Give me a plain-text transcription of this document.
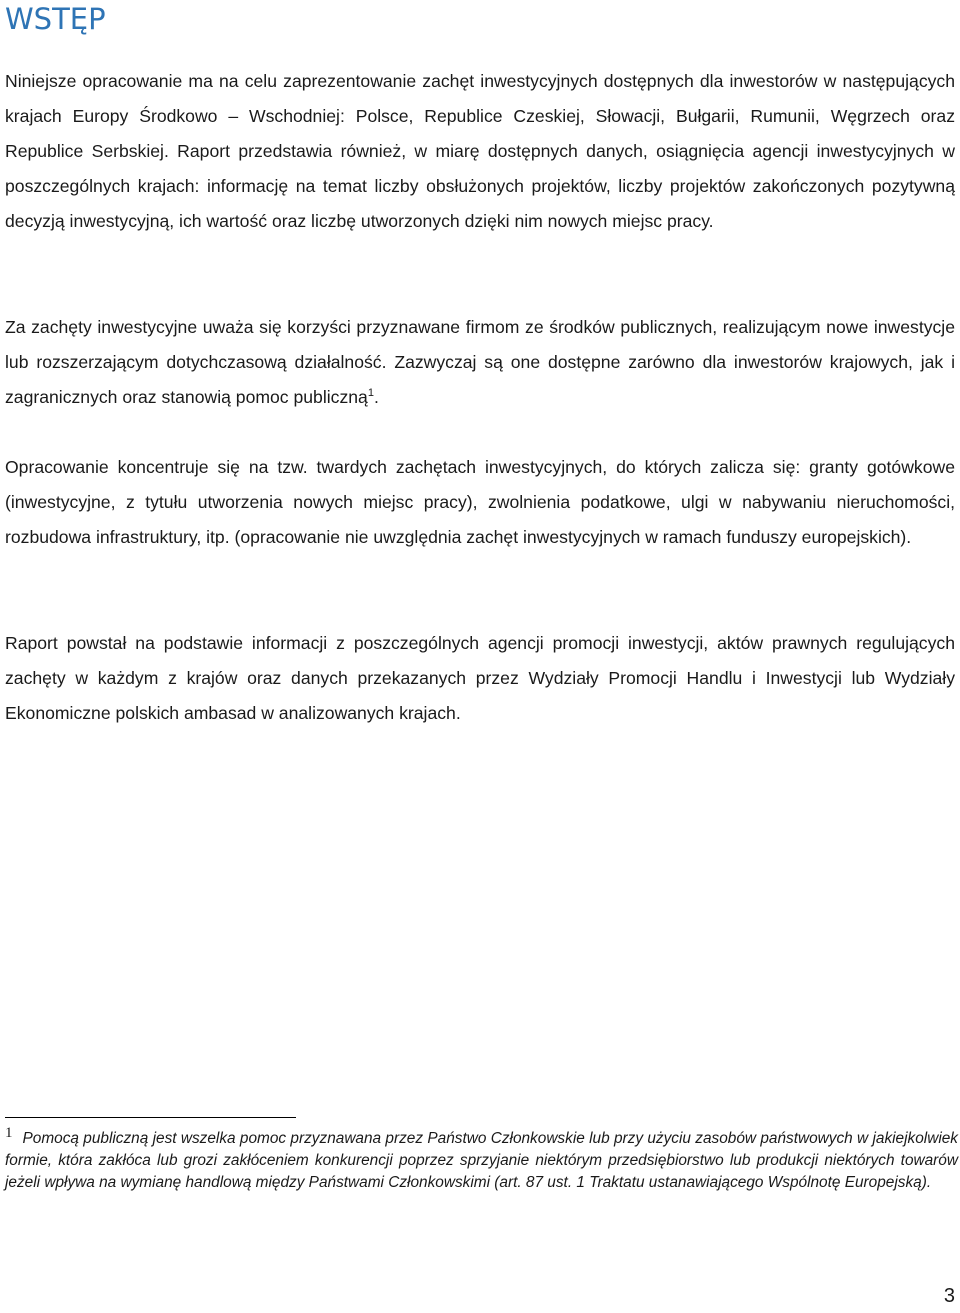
WSTĘP

Niniejsze opracowanie ma na celu zaprezentowanie zachęt inwestycyjnych dostępnych dla inwestorów w następujących krajach Europy Środkowo – Wschodniej: Polsce, Republice Czeskiej, Słowacji, Bułgarii, Rumunii, Węgrzech oraz Republice Serbskiej. Raport przedstawia również, w miarę dostępnych danych, osiągnięcia agencji inwestycyjnych w poszczególnych krajach: informację na temat liczby obsłużonych projektów, liczby projektów zakończonych pozytywną decyzją inwestycyjną, ich wartość oraz liczbę utworzonych dzięki nim nowych miejsc pracy.

Za zachęty inwestycyjne uważa się korzyści przyznawane firmom ze środków publicznych, realizującym nowe inwestycje lub rozszerzającym dotychczasową działalność. Zazwyczaj są one dostępne zarówno dla inwestorów krajowych, jak i zagranicznych oraz stanowią pomoc publiczną$^1$.

Opracowanie koncentruje się na tzw. twardych zachętach inwestycyjnych, do których zalicza się: granty gotówkowe (inwestycyjne, z tytułu utworzenia nowych miejsc pracy), zwolnienia podatkowe, ulgi w nabywaniu nieruchomości, rozbudowa infrastruktury, itp. (opracowanie nie uwzględnia zachęt inwestycyjnych w ramach funduszy europejskich).

Raport powstał na podstawie informacji z poszczególnych agencji promocji inwestycji, aktów prawnych regulujących zachęty w każdym z krajów oraz danych przekazanych przez Wydziały Promocji Handlu i Inwestycji lub Wydziały Ekonomiczne polskich ambasad w analizowanych krajach.

1 Pomocą publiczną jest wszelka pomoc przyznawana przez Państwo Członkowskie lub przy użyciu zasobów państwowych w jakiejkolwiek formie, która zakłóca lub grozi zakłóceniem konkurencji poprzez sprzyjanie niektórym przedsiębiorstwo lub produkcji niektórych towarów jeżeli wpływa na wymianę handlową między Państwami Członkowskimi (art. 87 ust. 1 Traktatu ustanawiającego Wspólnotę Europejską).

3
